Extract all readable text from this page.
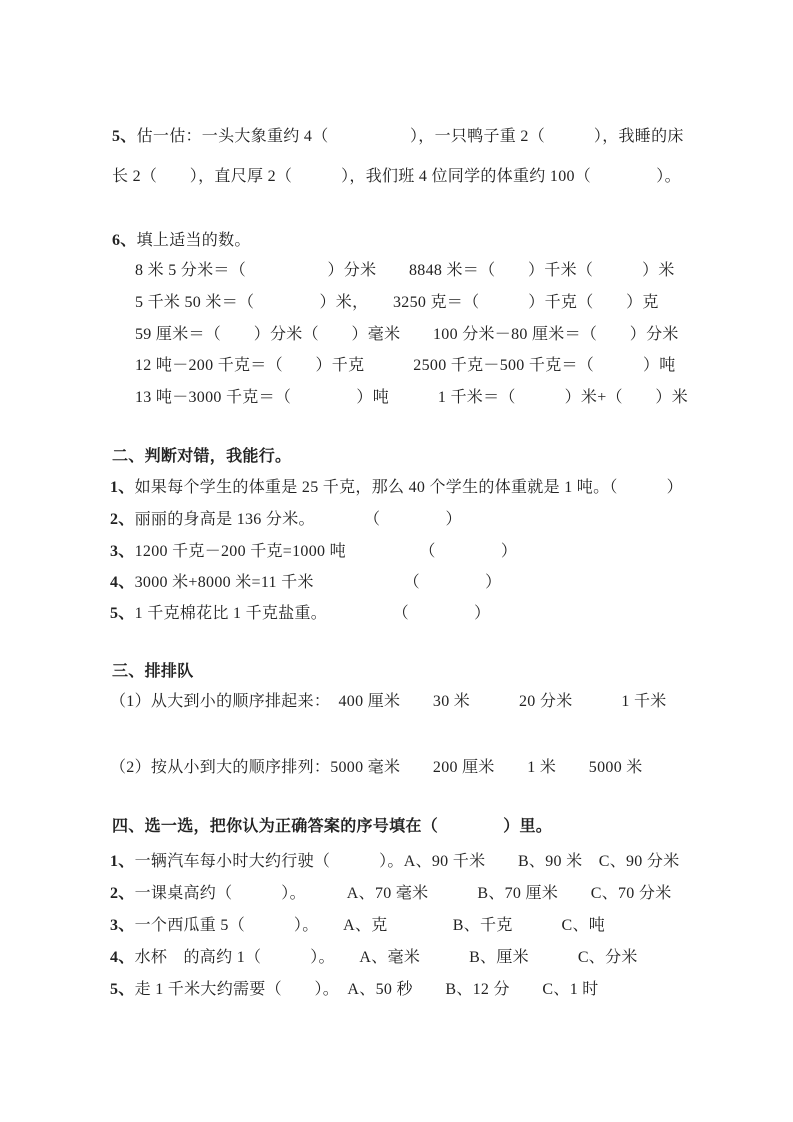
5、估一估：一头大象重约 4（　　　　　），一只鸭子重 2（　　　），我睡的床
长 2（　　），直尺厚 2（　　　），我们班 4 位同学的体重约 100（　　　　）。
6、填上适当的数。
8 米 5 分米＝（　　　　　）分米　　8848 米＝（　　）千米（　　　）米
5 千米 50 米＝（　　　　）米，　　3250 克＝（　　　）千克（　　）克
59 厘米＝（　　）分米（　　）毫米　　100 分米－80 厘米＝（　　）分米
12 吨－200 千克＝（　　）千克　　　2500 千克－500 千克＝（　　　）吨
13 吨－3000 千克＝（　　　　）吨　　　1 千米＝（　　　）米+（　　）米
二、判断对错，我能行。
1、如果每个学生的体重是 25 千克，那么 40 个学生的体重就是 1 吨。（　　　）
2、丽丽的身高是 136 分米。　　　　（　　　　）
3、1200 千克－200 千克=1000 吨　　　　　（　　　　）
4、3000 米+8000 米=11 千米　　　　　　（　　　　）
5、1 千克棉花比 1 千克盐重。　　　　　（　　　　）
三、排排队
（1）从大到小的顺序排起来：　400 厘米　　30 米　　　20 分米　　　1 千米
（2）按从小到大的顺序排列：5000 毫米　　200 厘米　　1 米　　5000 米
四、选一选，把你认为正确答案的序号填在（　　　　）里。
1、一辆汽车每小时大约行驶（　　　）。A、90 千米　　B、90 米　C、90 分米
2、一课桌高约（　　　）。　　　A、70 毫米　　　B、70 厘米　　C、70 分米
3、一个西瓜重 5（　　　）。　　A、克　　　　B、千克　　　C、吨
4、水杯　的高约 1（　　　）。　　A、毫米　　　B、厘米　　　C、分米
5、走 1 千米大约需要（　　）。　A、50 秒　　B、12 分　　C、1 时
